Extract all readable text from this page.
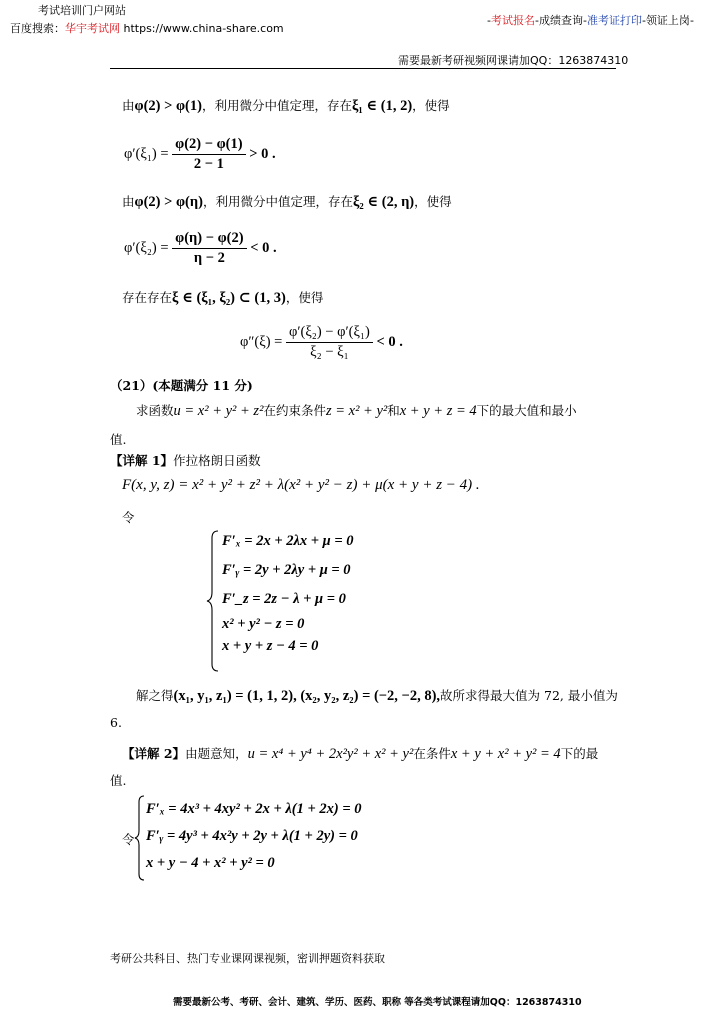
考试培训门户网站
百度搜索：华宇考试网 https://www.china-share.com
-考试报名-成绩查询-准考证打印-领证上岗-
需要最新考研视频网课请加QQ：1263874310
由φ(2) > φ(1)，利用微分中值定理，存在ξ₁ ∈ (1, 2)，使得
$\varphi'(\xi_1) = \frac{\varphi(2) - \varphi(1)}{2 - 1} > 0$ .
由φ(2) > φ(η)，利用微分中值定理，存在ξ₂ ∈ (2, η)，使得
$\varphi'(\xi_2) = \frac{\varphi(\eta) - \varphi(2)}{\eta - 2} < 0$ .
存在存在ξ ∈ (ξ₁, ξ₂) ⊂ (1, 3)，使得
$\varphi''(\xi) = \frac{\text{φ′(ξ₂) − φ′(ξ₁)}}{\text{ξ₂ − ξ₁}} < 0$ .
（21）(本题满分 11 分)
求函数u = x² + y² + z²在约束条件z = x² + y²和x + y + z = 4下的最大值和最小
值.
【详解 1】作拉格朗日函数
F(x, y, z) = x² + y² + z² + λ(x² + y² − z) + μ(x + y + z − 4) .
令
F′ₓ = 2x + 2λx + μ = 0
F′ᵧ = 2y + 2λy + μ = 0
F′_z = 2z − λ + μ = 0
x² + y² − z = 0
x + y + z − 4 = 0
解之得(x₁, y₁, z₁) = (1, 1, 2), (x₂, y₂, z₂) = (−2, −2, 8),故所求得最大值为 72, 最小值为
6.
【详解 2】由题意知，u = x⁴ + y⁴ + 2x²y² + x² + y²在条件x + y + x² + y² = 4下的最
值.
令
F′ₓ = 4x³ + 4xy² + 2x + λ(1 + 2x) = 0
F′ᵧ = 4y³ + 4x²y + 2y + λ(1 + 2y) = 0
x + y − 4 + x² + y² = 0
考研公共科目、热门专业课网课视频，密训押题资料获取
需要最新公考、考研、会计、建筑、学历、医药、职称 等各类考试课程请加QQ：1263874310
